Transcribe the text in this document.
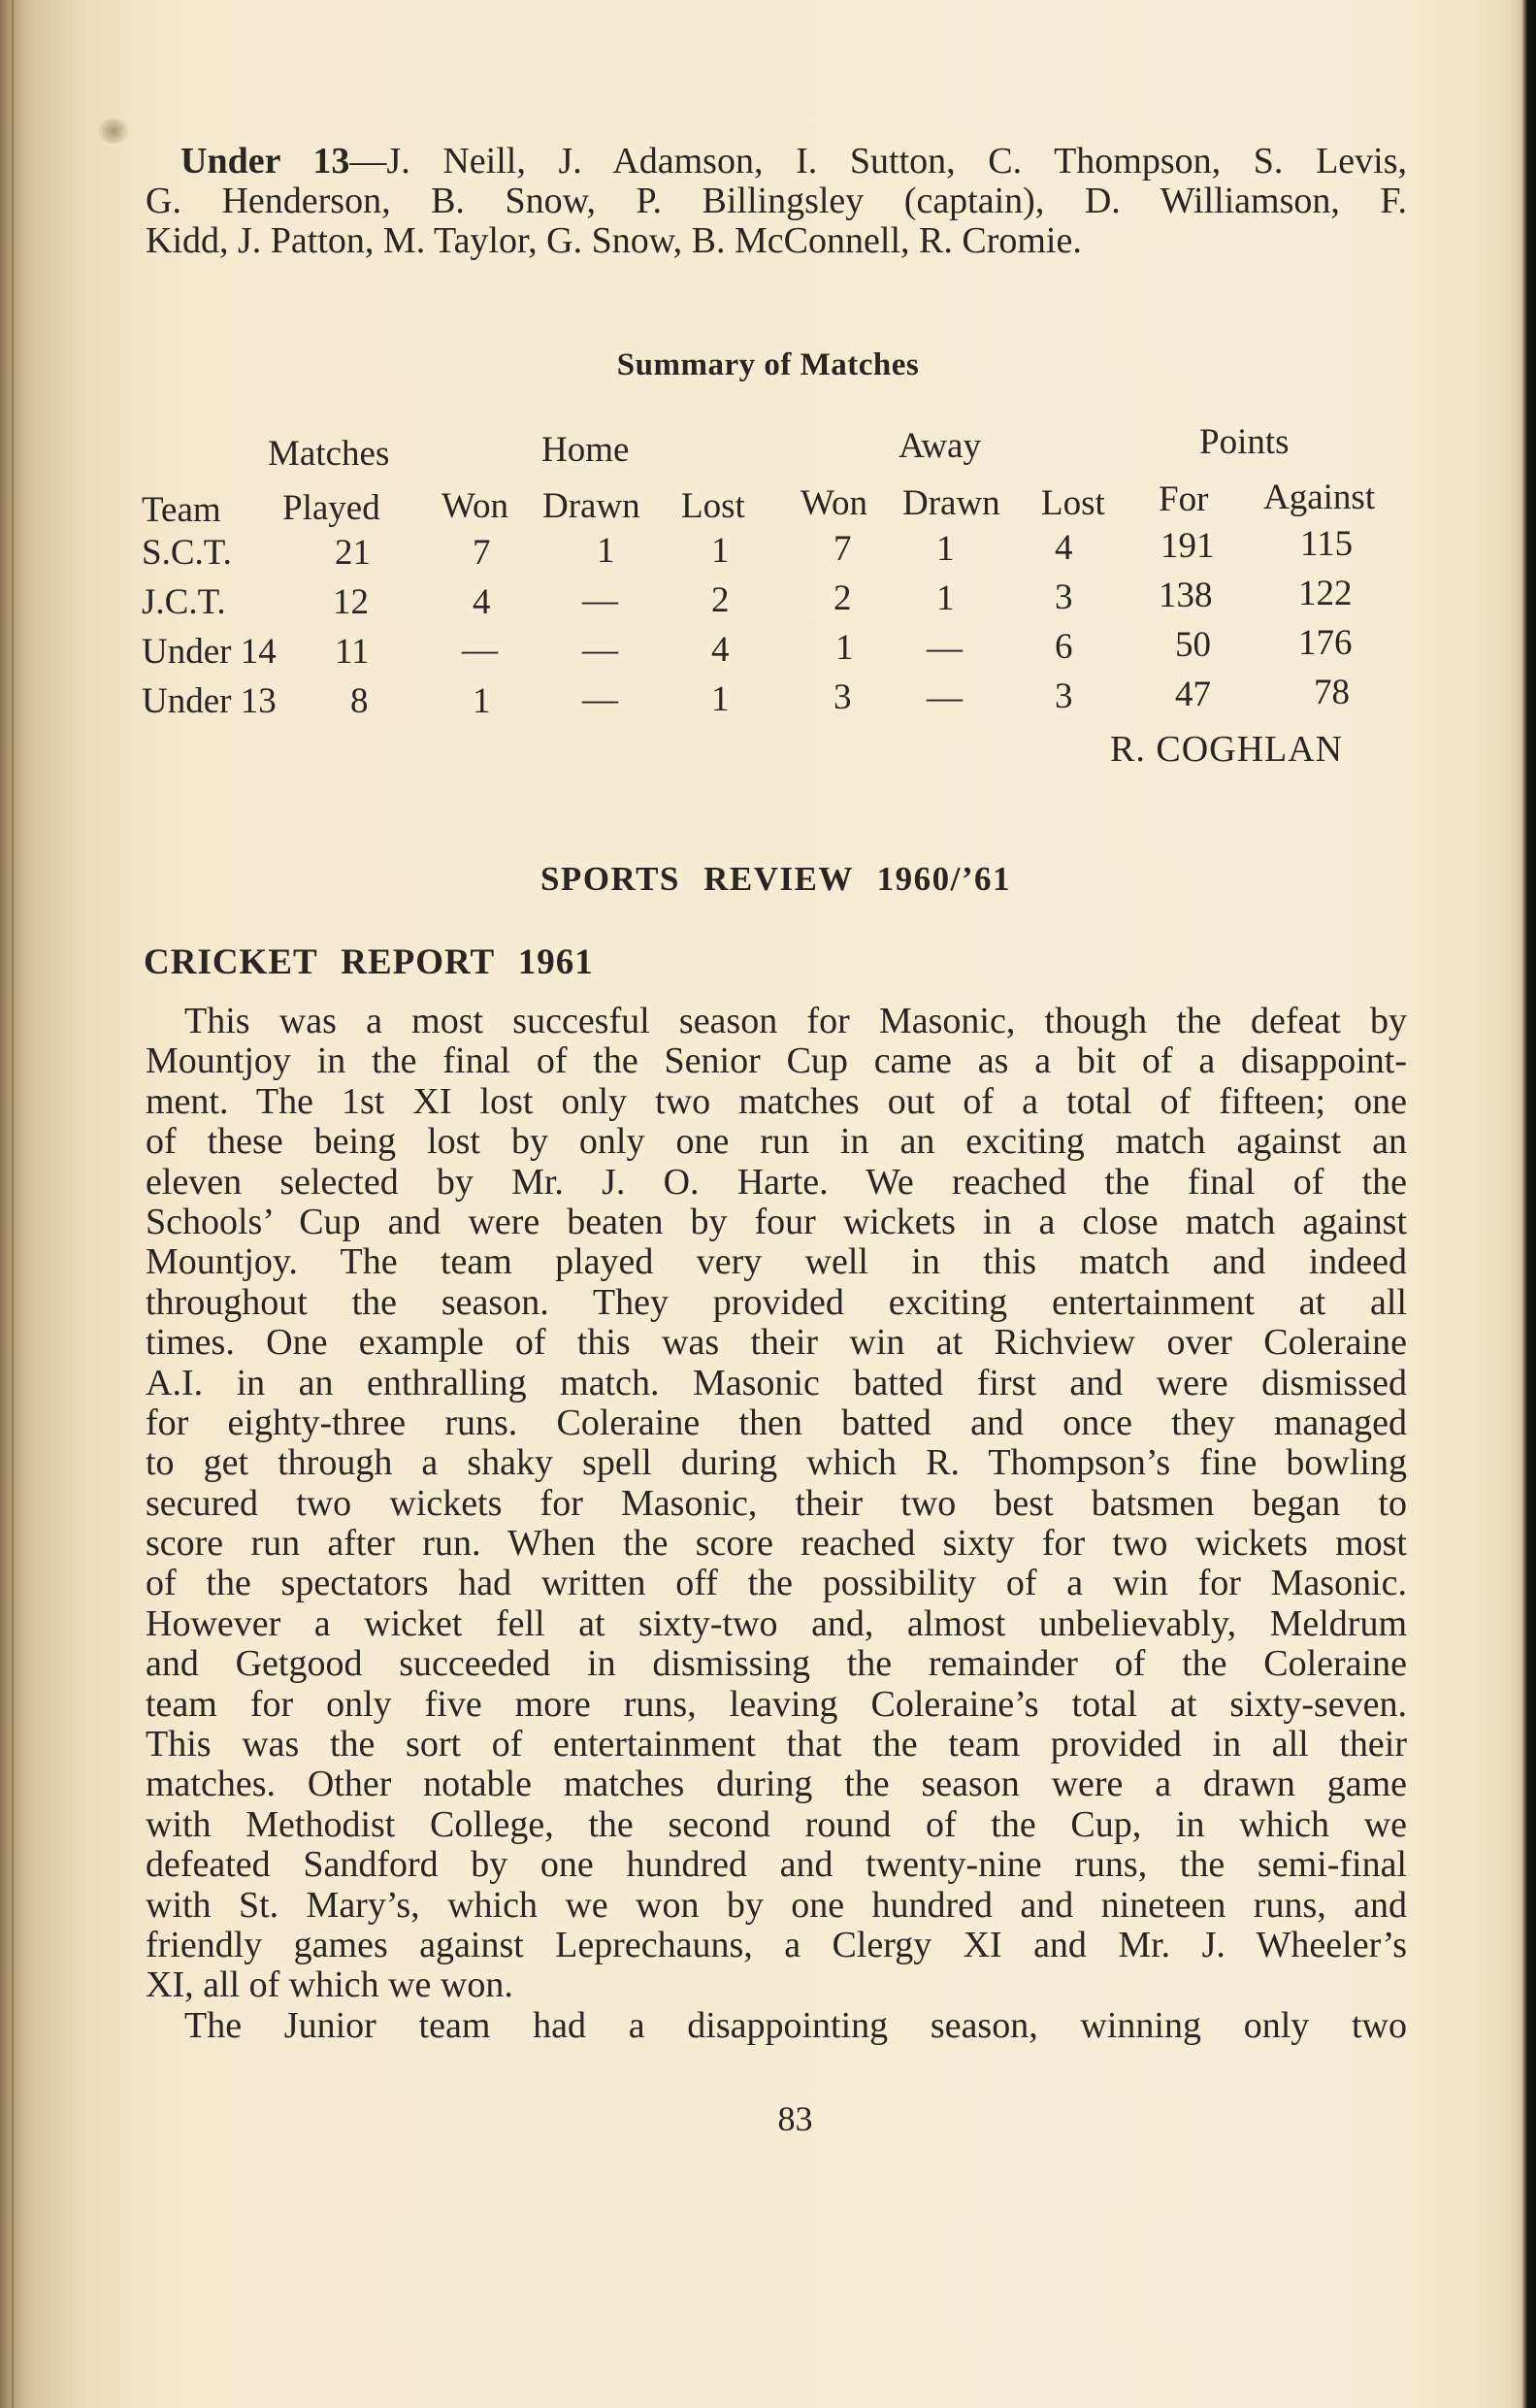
Under 13—J. Neill, J. Adamson, I. Sutton, C. Thompson, S. Levis,
G. Henderson, B. Snow, P. Billingsley (captain), D. Williamson, F.
Kidd, J. Patton, M. Taylor, G. Snow, B. McConnell, R. Cromie.
Summary of Matches
Matches	Home	Away	Points
Team Played Won Drawn Lost Won Drawn Lost For Against
S.C.T.	21	7	1	1	7 1	4 191 115
J.C.T.	12	4	—	2	2 1	3 138 122
Under 14 11	— —	4	1 —	6	50 176
Under 13 8	1	—	1	3 —	3	47	78
R. COGHLAN
SPORTS REVIEW 1960/’61
CRICKET REPORT 1961
This was a most succesful season for Masonic, though the defeat by
Mountjoy in the final of the Senior Cup came as a bit of a disappoint-
ment. The 1st XI lost only two matches out of a total of fifteen; one
of these being lost by only one run in an exciting match against an
eleven selected by Mr. J. O. Harte. We reached the final of the
Schools’ Cup and were beaten by four wickets in a close match against
Mountjoy. The team played very well in this match and indeed
throughout the season. They provided exciting entertainment at all
times. One example of this was their win at Richview over Coleraine
A.I. in an enthralling match. Masonic batted first and were dismissed
for eighty-three runs. Coleraine then batted and once they managed
to get through a shaky spell during which R. Thompson’s fine bowling
secured two wickets for Masonic, their two best batsmen began to
score run after run. When the score reached sixty for two wickets most
of the spectators had written off the possibility of a win for Masonic.
However a wicket fell at sixty-two and, almost unbelievably, Meldrum
and Getgood succeeded in dismissing the remainder of the Coleraine
team for only five more runs, leaving Coleraine’s total at sixty-seven.
This was the sort of entertainment that the team provided in all their
matches. Other notable matches during the season were a drawn game
with Methodist College, the second round of the Cup, in which we
defeated Sandford by one hundred and twenty-nine runs, the semi-final
with St. Mary’s, which we won by one hundred and nineteen runs, and
friendly games against Leprechauns, a Clergy XI and Mr. J. Wheeler’s
XI, all of which we won.
The Junior team had a disappointing season, winning only two
83
